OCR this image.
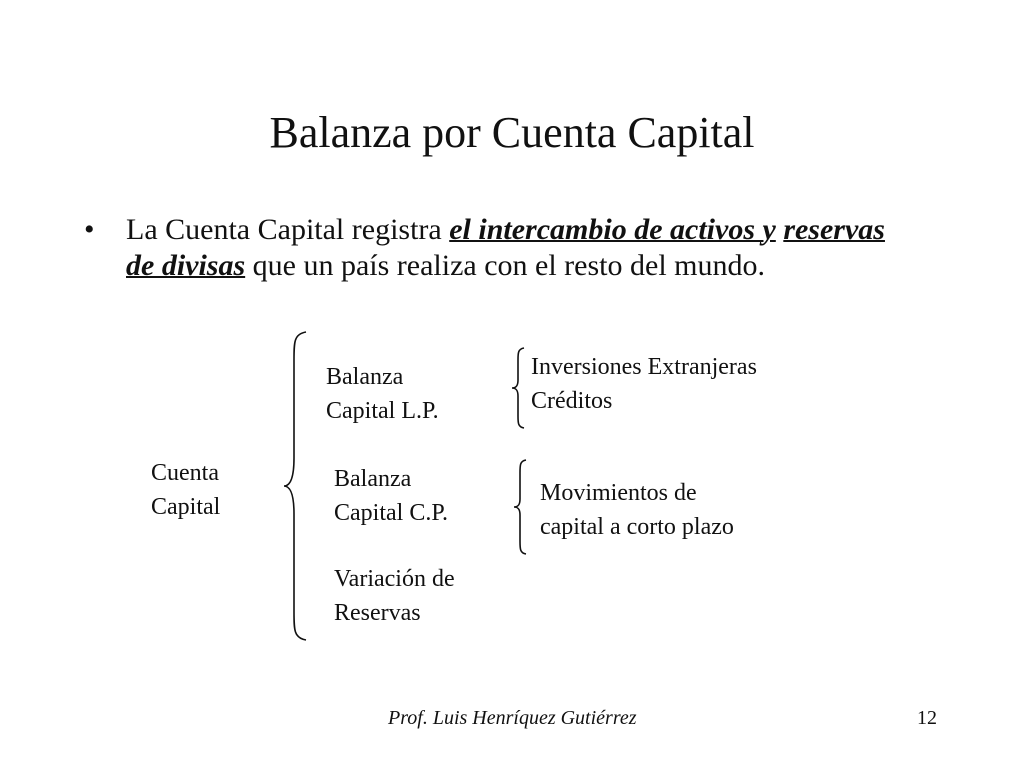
Balanza por Cuenta Capital
• La Cuenta Capital registra el intercambio de activos y reservas de divisas que un país realiza con el resto del mundo.
Cuenta
Capital
Balanza
Capital L.P.
Inversiones Extranjeras
Créditos
Balanza
Capital C.P.
Movimientos de
capital a corto plazo
Variación de
Reservas
Prof. Luis Henríquez Gutiérrez	12
